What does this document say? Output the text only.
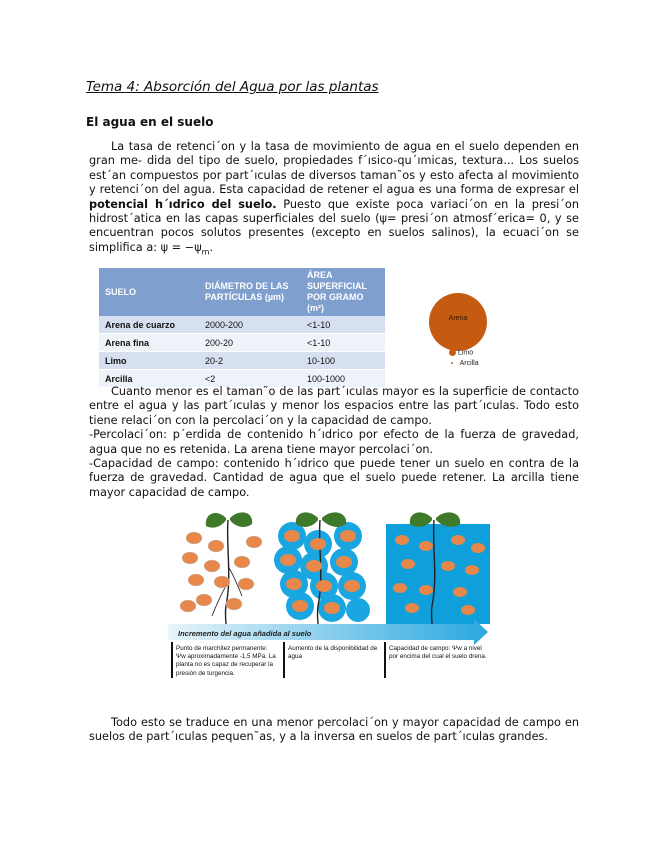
Tema 4: Absorción del Agua por las plantas
El agua en el suelo
La tasa de retenci´on y la tasa de movimiento de agua en el suelo dependen en gran me- dida del tipo de suelo, propiedades f´ısico-qu´ımicas, textura... Los suelos est´an compuestos por part´ıculas de diversos taman˜os y esto afecta al movimiento y retenci´on del agua. Esta capacidad de retener el agua es una forma de expresar el potencial h´ıdrico del suelo. Puesto que existe poca variaci´on en la presi´on hidrost´atica en las capas superficiales del suelo (ψ= presi´on atmosf´erica= 0, y se encuentran pocos solutos presentes (excepto en suelos salinos), la ecuaci´on se simplifica a: $\psi = -\psi_m$.
SUELO	DIÁMETRO DE LAS PARTÍCULAS (µm)	ÁREA SUPERFICIAL POR GRAMO (m²)
Arena de cuarzo	2000-200	<1-10
Arena fina	200-20	<1-10
Limo	20-2	10-100
Arcilla	<2	100-1000
Arena
Limo
Arcilla
Cuanto menor es el taman˜o de las part´ıculas mayor es la superficie de contacto entre el agua y las part´ıculas y menor los espacios entre las part´ıculas. Todo esto tiene relaci´on con la percolaci´on y la capacidad de campo.
-Percolaci´on: p´erdida de contenido h´ıdrico por efecto de la fuerza de gravedad, agua que no es retenida. La arena tiene mayor percolaci´on.
-Capacidad de campo: contenido h´ıdrico que puede tener un suelo en contra de la fuerza de gravedad. Cantidad de agua que el suelo puede retener. La arcilla tiene mayor capacidad de campo.
Incremento del agua añadida al suelo
Punto de marchitez permanente: Ψw aproximadamente -1,5 MPa. La planta no es capaz de recuperar la presión de turgencia.
Aumento de la disponibilidad de agua
Capacidad de campo: Ψw a nivel por encima del cual el suelo drena.
Todo esto se traduce en una menor percolaci´on y mayor capacidad de campo en suelos de part´ıculas pequen˜as, y a la inversa en suelos de part´ıculas grandes.
